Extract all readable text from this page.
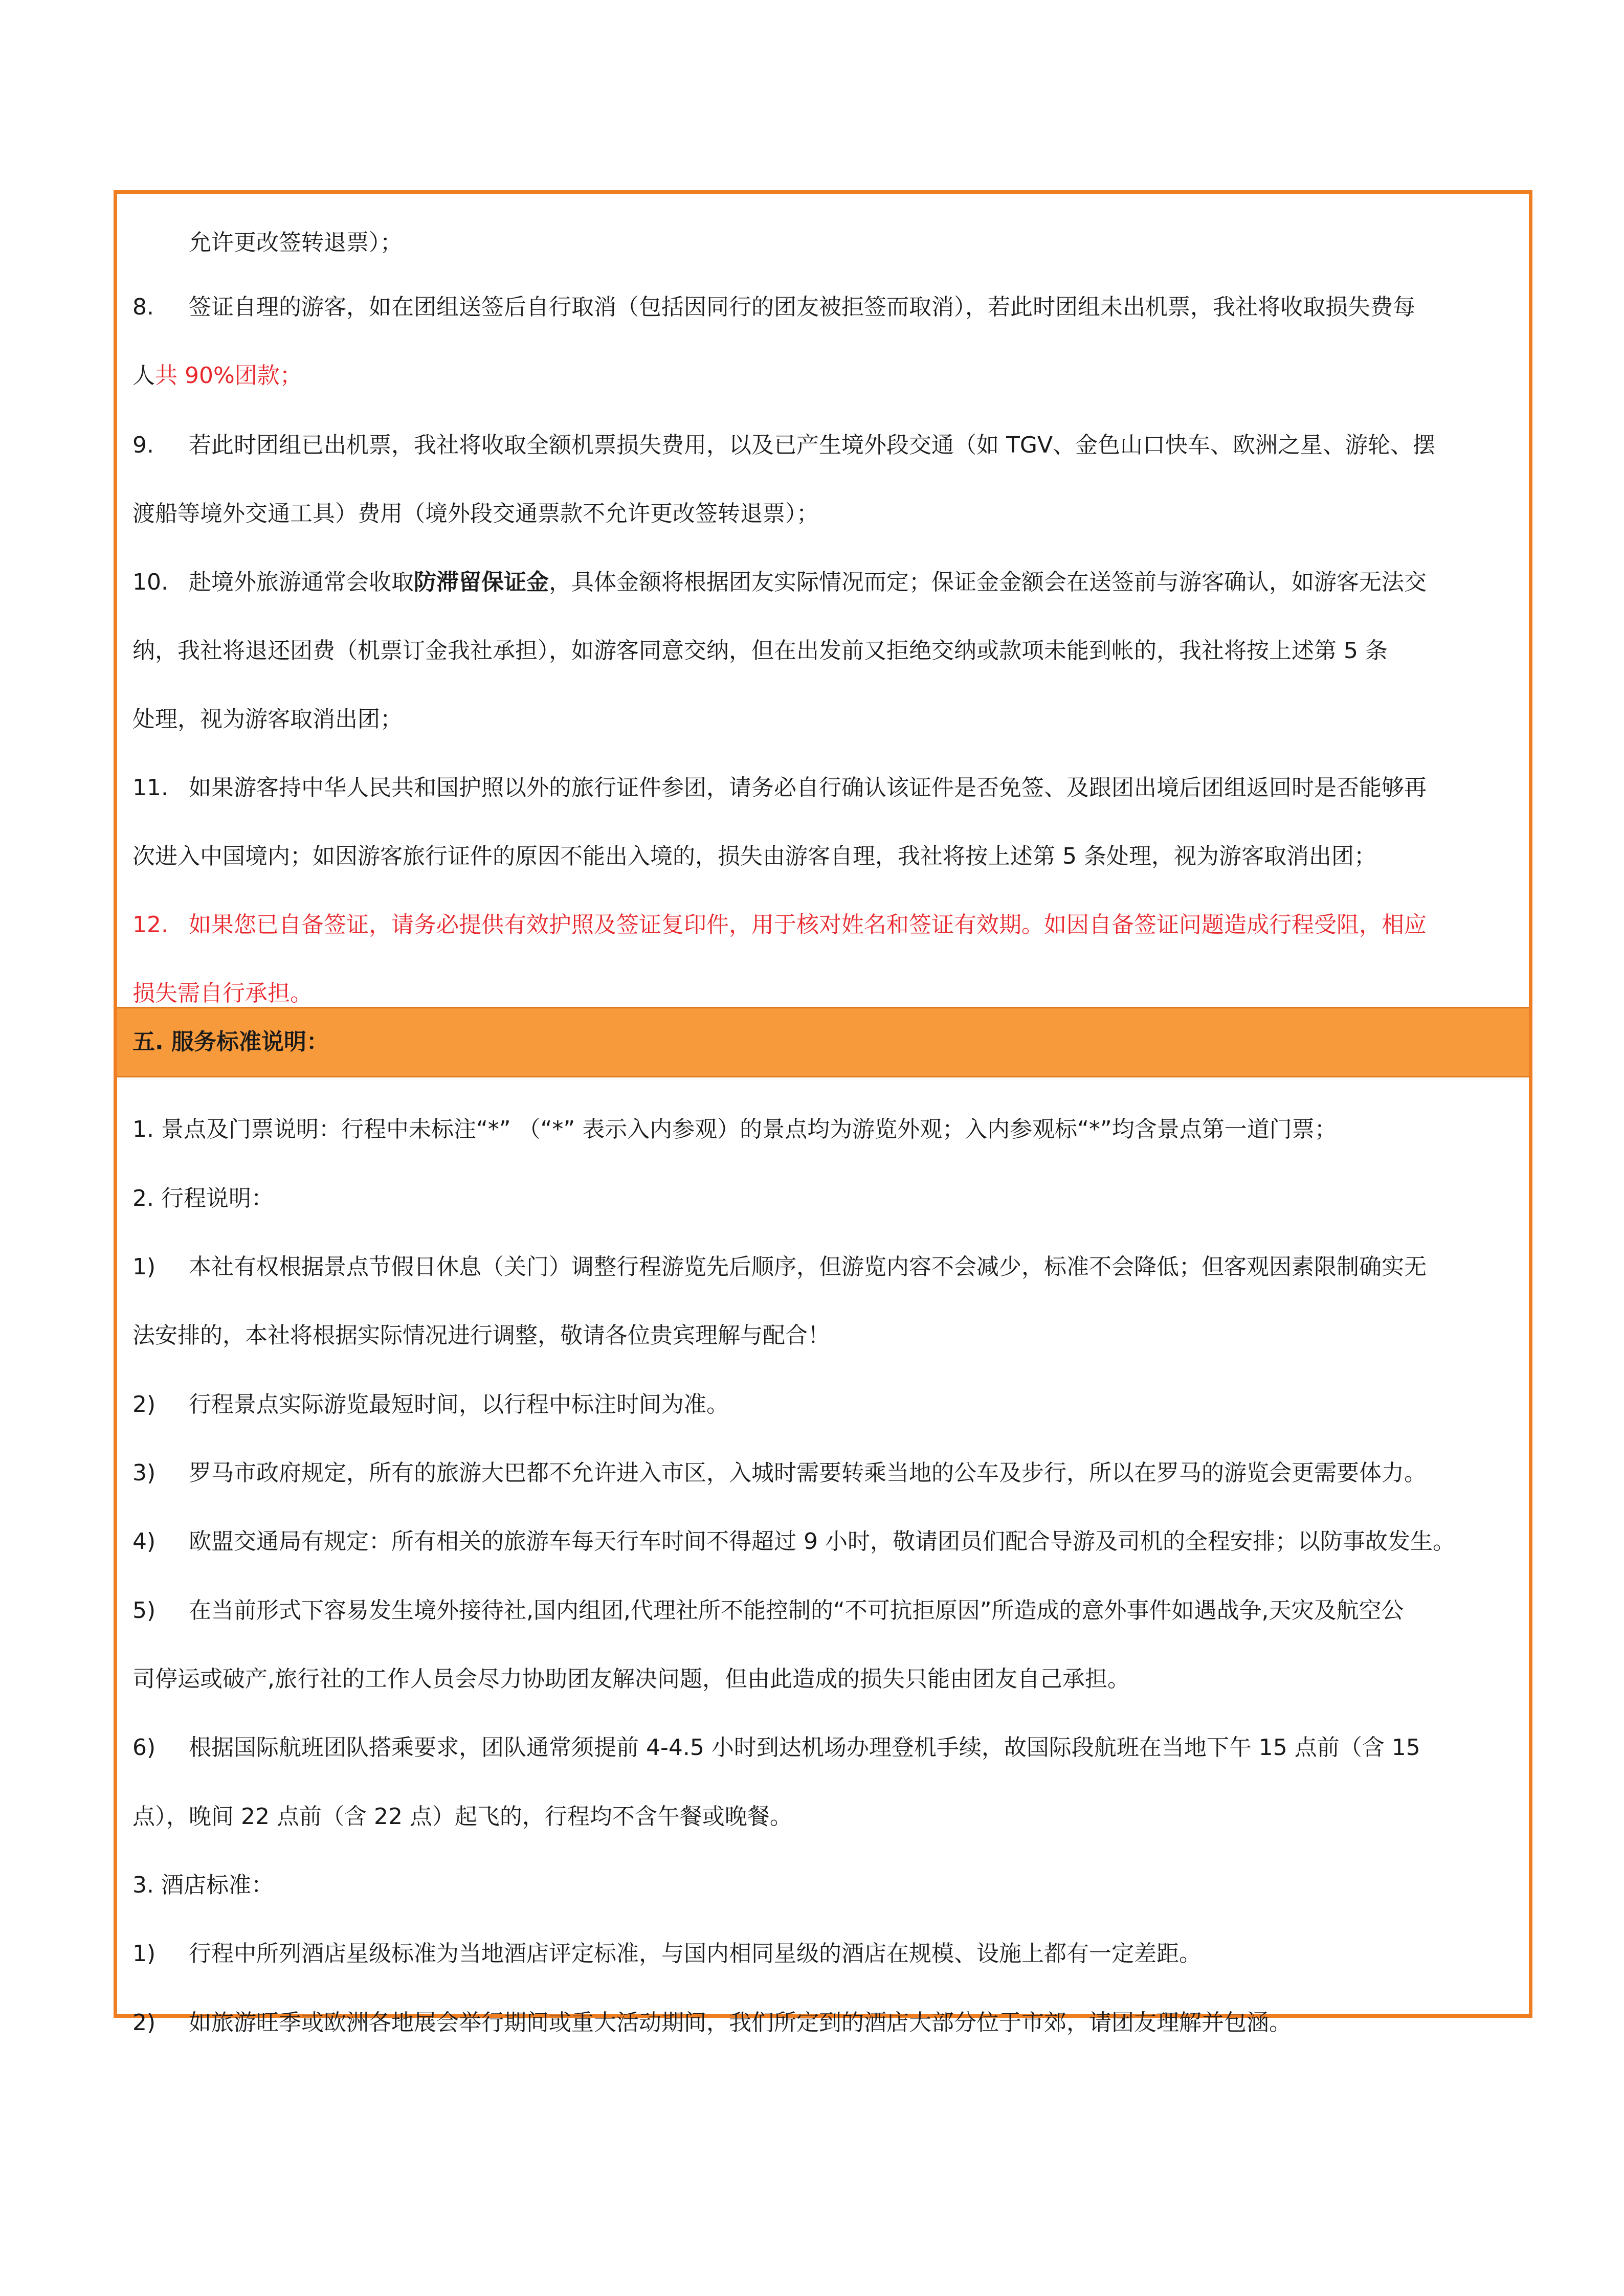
允许更改签转退票）；
8.	签证自理的游客，如在团组送签后自行取消（包括因同行的团友被拒签而取消），若此时团组未出机票，我社将收取损失费每
人共 90%团款；
9.	若此时团组已出机票，我社将收取全额机票损失费用，以及已产生境外段交通（如 TGV、金色山口快车、欧洲之星、游轮、摆
渡船等境外交通工具）费用（境外段交通票款不允许更改签转退票）；
10. 赴境外旅游通常会收取防滞留保证金，具体金额将根据团友实际情况而定；保证金金额会在送签前与游客确认，如游客无法交
纳，我社将退还团费（机票订金我社承担），如游客同意交纳，但在出发前又拒绝交纳或款项未能到帐的，我社将按上述第 5 条
处理，视为游客取消出团；
11. 如果游客持中华人民共和国护照以外的旅行证件参团，请务必自行确认该证件是否免签、及跟团出境后团组返回时是否能够再
次进入中国境内；如因游客旅行证件的原因不能出入境的，损失由游客自理，我社将按上述第 5 条处理，视为游客取消出团；
12. 如果您已自备签证，请务必提供有效护照及签证复印件，用于核对姓名和签证有效期。如因自备签证问题造成行程受阻，相应
损失需自行承担。
五. 服务标准说明：
1. 景点及门票说明：行程中未标注“*” （“*” 表示入内参观）的景点均为游览外观；入内参观标“*”均含景点第一道门票；
2. 行程说明：
1)	本社有权根据景点节假日休息（关门）调整行程游览先后顺序，但游览内容不会减少，标准不会降低；但客观因素限制确实无
法安排的，本社将根据实际情况进行调整，敬请各位贵宾理解与配合！
2)	行程景点实际游览最短时间，以行程中标注时间为准。
3)	罗马市政府规定，所有的旅游大巴都不允许进入市区，入城时需要转乘当地的公车及步行，所以在罗马的游览会更需要体力。
4)	欧盟交通局有规定：所有相关的旅游车每天行车时间不得超过 9 小时，敬请团员们配合导游及司机的全程安排；以防事故发生。
5)	在当前形式下容易发生境外接待社,国内组团,代理社所不能控制的“不可抗拒原因”所造成的意外事件如遇战争,天灾及航空公
司停运或破产,旅行社的工作人员会尽力协助团友解决问题，但由此造成的损失只能由团友自己承担。
6)	根据国际航班团队搭乘要求，团队通常须提前 4-4.5 小时到达机场办理登机手续，故国际段航班在当地下午 15 点前（含 15
点），晚间 22 点前（含 22 点）起飞的，行程均不含午餐或晚餐。
3. 酒店标准：
1)	行程中所列酒店星级标准为当地酒店评定标准，与国内相同星级的酒店在规模、设施上都有一定差距。
2)	如旅游旺季或欧洲各地展会举行期间或重大活动期间，我们所定到的酒店大部分位于市郊，请团友理解并包涵。
